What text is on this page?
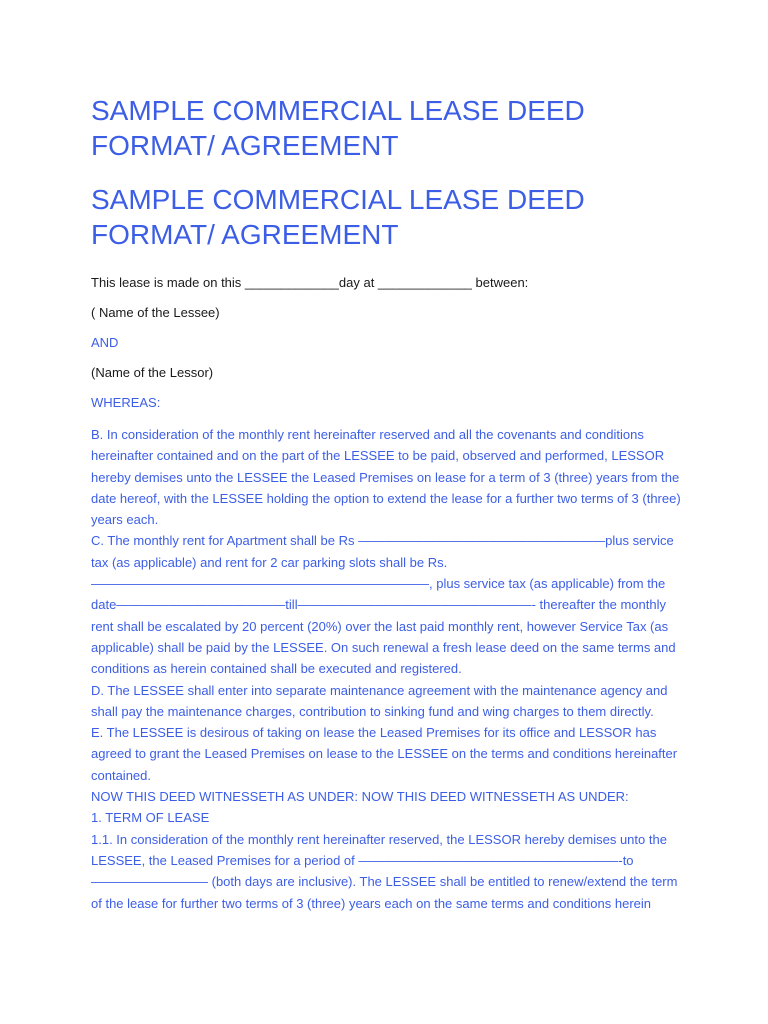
SAMPLE COMMERCIAL LEASE DEED FORMAT/ AGREEMENT
SAMPLE COMMERCIAL LEASE DEED FORMAT/ AGREEMENT

This lease is made on this _____________day at _____________ between:

( Name of the Lessee)

AND

(Name of the Lessor)

WHEREAS:

B. In consideration of the monthly rent hereinafter reserved and all the covenants and conditions hereinafter contained and on the part of the LESSEE to be paid, observed and performed, LESSOR hereby demises unto the LESSEE the Leased Premises on lease for a term of 3 (three) years from the date hereof, with the LESSEE holding the option to extend the lease for a further two terms of 3 (three) years each.

C. The monthly rent for Apartment shall be Rs ———————————————————plus service tax (as applicable) and rent for 2 car parking slots shall be Rs.——————————————————————————, plus service tax (as applicable) from the date—————————————till——————————————————- thereafter the monthly rent shall be escalated by 20 percent (20%) over the last paid monthly rent, however Service Tax (as applicable) shall be paid by the LESSEE. On such renewal a fresh lease deed on the same terms and conditions as herein contained shall be executed and registered.

D. The LESSEE shall enter into separate maintenance agreement with the maintenance agency and shall pay the maintenance charges, contribution to sinking fund and wing charges to them directly.

E. The LESSEE is desirous of taking on lease the Leased Premises for its office and LESSOR has agreed to grant the Leased Premises on lease to the LESSEE on the terms and conditions hereinafter contained.

NOW THIS DEED WITNESSETH AS UNDER: NOW THIS DEED WITNESSETH AS UNDER:

1. TERM OF LEASE

1.1. In consideration of the monthly rent hereinafter reserved, the LESSOR hereby demises unto the LESSEE, the Leased Premises for a period of ————————————————————-to————————— (both days are inclusive). The LESSEE shall be entitled to renew/extend the term of the lease for further two terms of 3 (three) years each on the same terms and conditions herein
